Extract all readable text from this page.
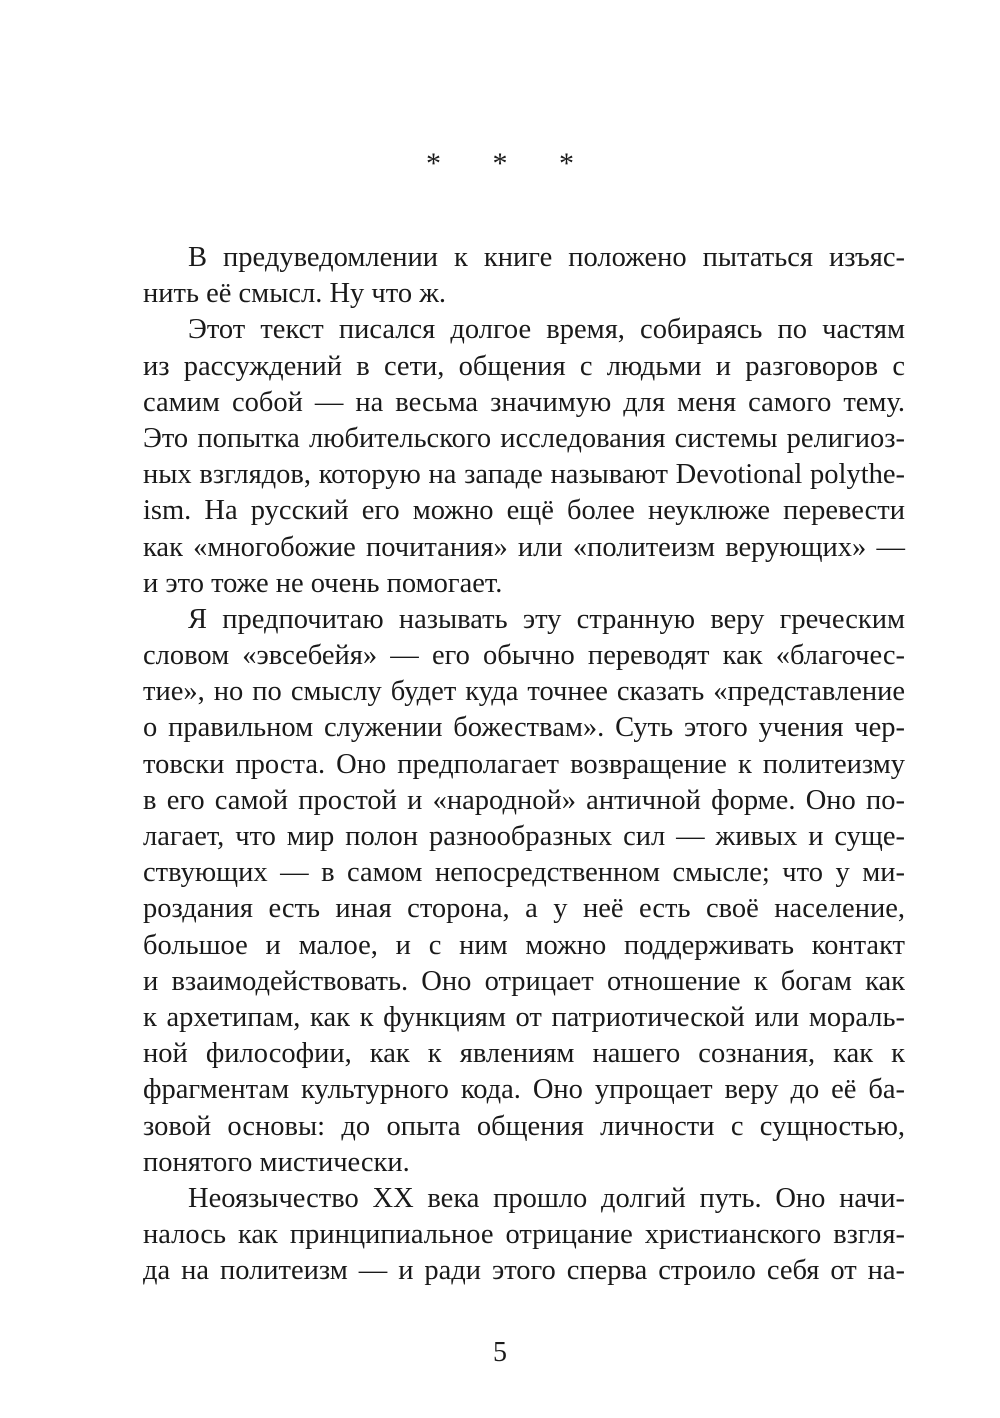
* * *
В предуведомлении к книге положено пытаться изъяс-
нить её смысл. Ну что ж.
Этот текст писался долгое время, собираясь по частям
из рассуждений в сети, общения с людьми и разговоров с
самим собой — на весьма значимую для меня самого тему.
Это попытка любительского исследования системы религиоз-
ных взглядов, которую на западе называют Devotional polythe-
ism. На русский его можно ещё более неуклюже перевести
как «многобожие почитания» или «политеизм верующих» —
и это тоже не очень помогает.
Я предпочитаю называть эту странную веру греческим
словом «эвсебейя» — его обычно переводят как «благочес-
тие», но по смыслу будет куда точнее сказать «представление
о правильном служении божествам». Суть этого учения чер-
товски проста. Оно предполагает возвращение к политеизму
в его самой простой и «народной» античной форме. Оно по-
лагает, что мир полон разнообразных сил — живых и суще-
ствующих — в самом непосредственном смысле; что у ми-
роздания есть иная сторона, а у неё есть своё население,
большое и малое, и с ним можно поддерживать контакт
и взаимодействовать. Оно отрицает отношение к богам как
к архетипам, как к функциям от патриотической или мораль-
ной философии, как к явлениям нашего сознания, как к
фрагментам культурного кода. Оно упрощает веру до её ба-
зовой основы: до опыта общения личности с сущностью,
понятого мистически.
Неоязычество XX века прошло долгий путь. Оно начи-
налось как принципиальное отрицание христианского взгля-
да на политеизм — и ради этого сперва строило себя от на-
5
